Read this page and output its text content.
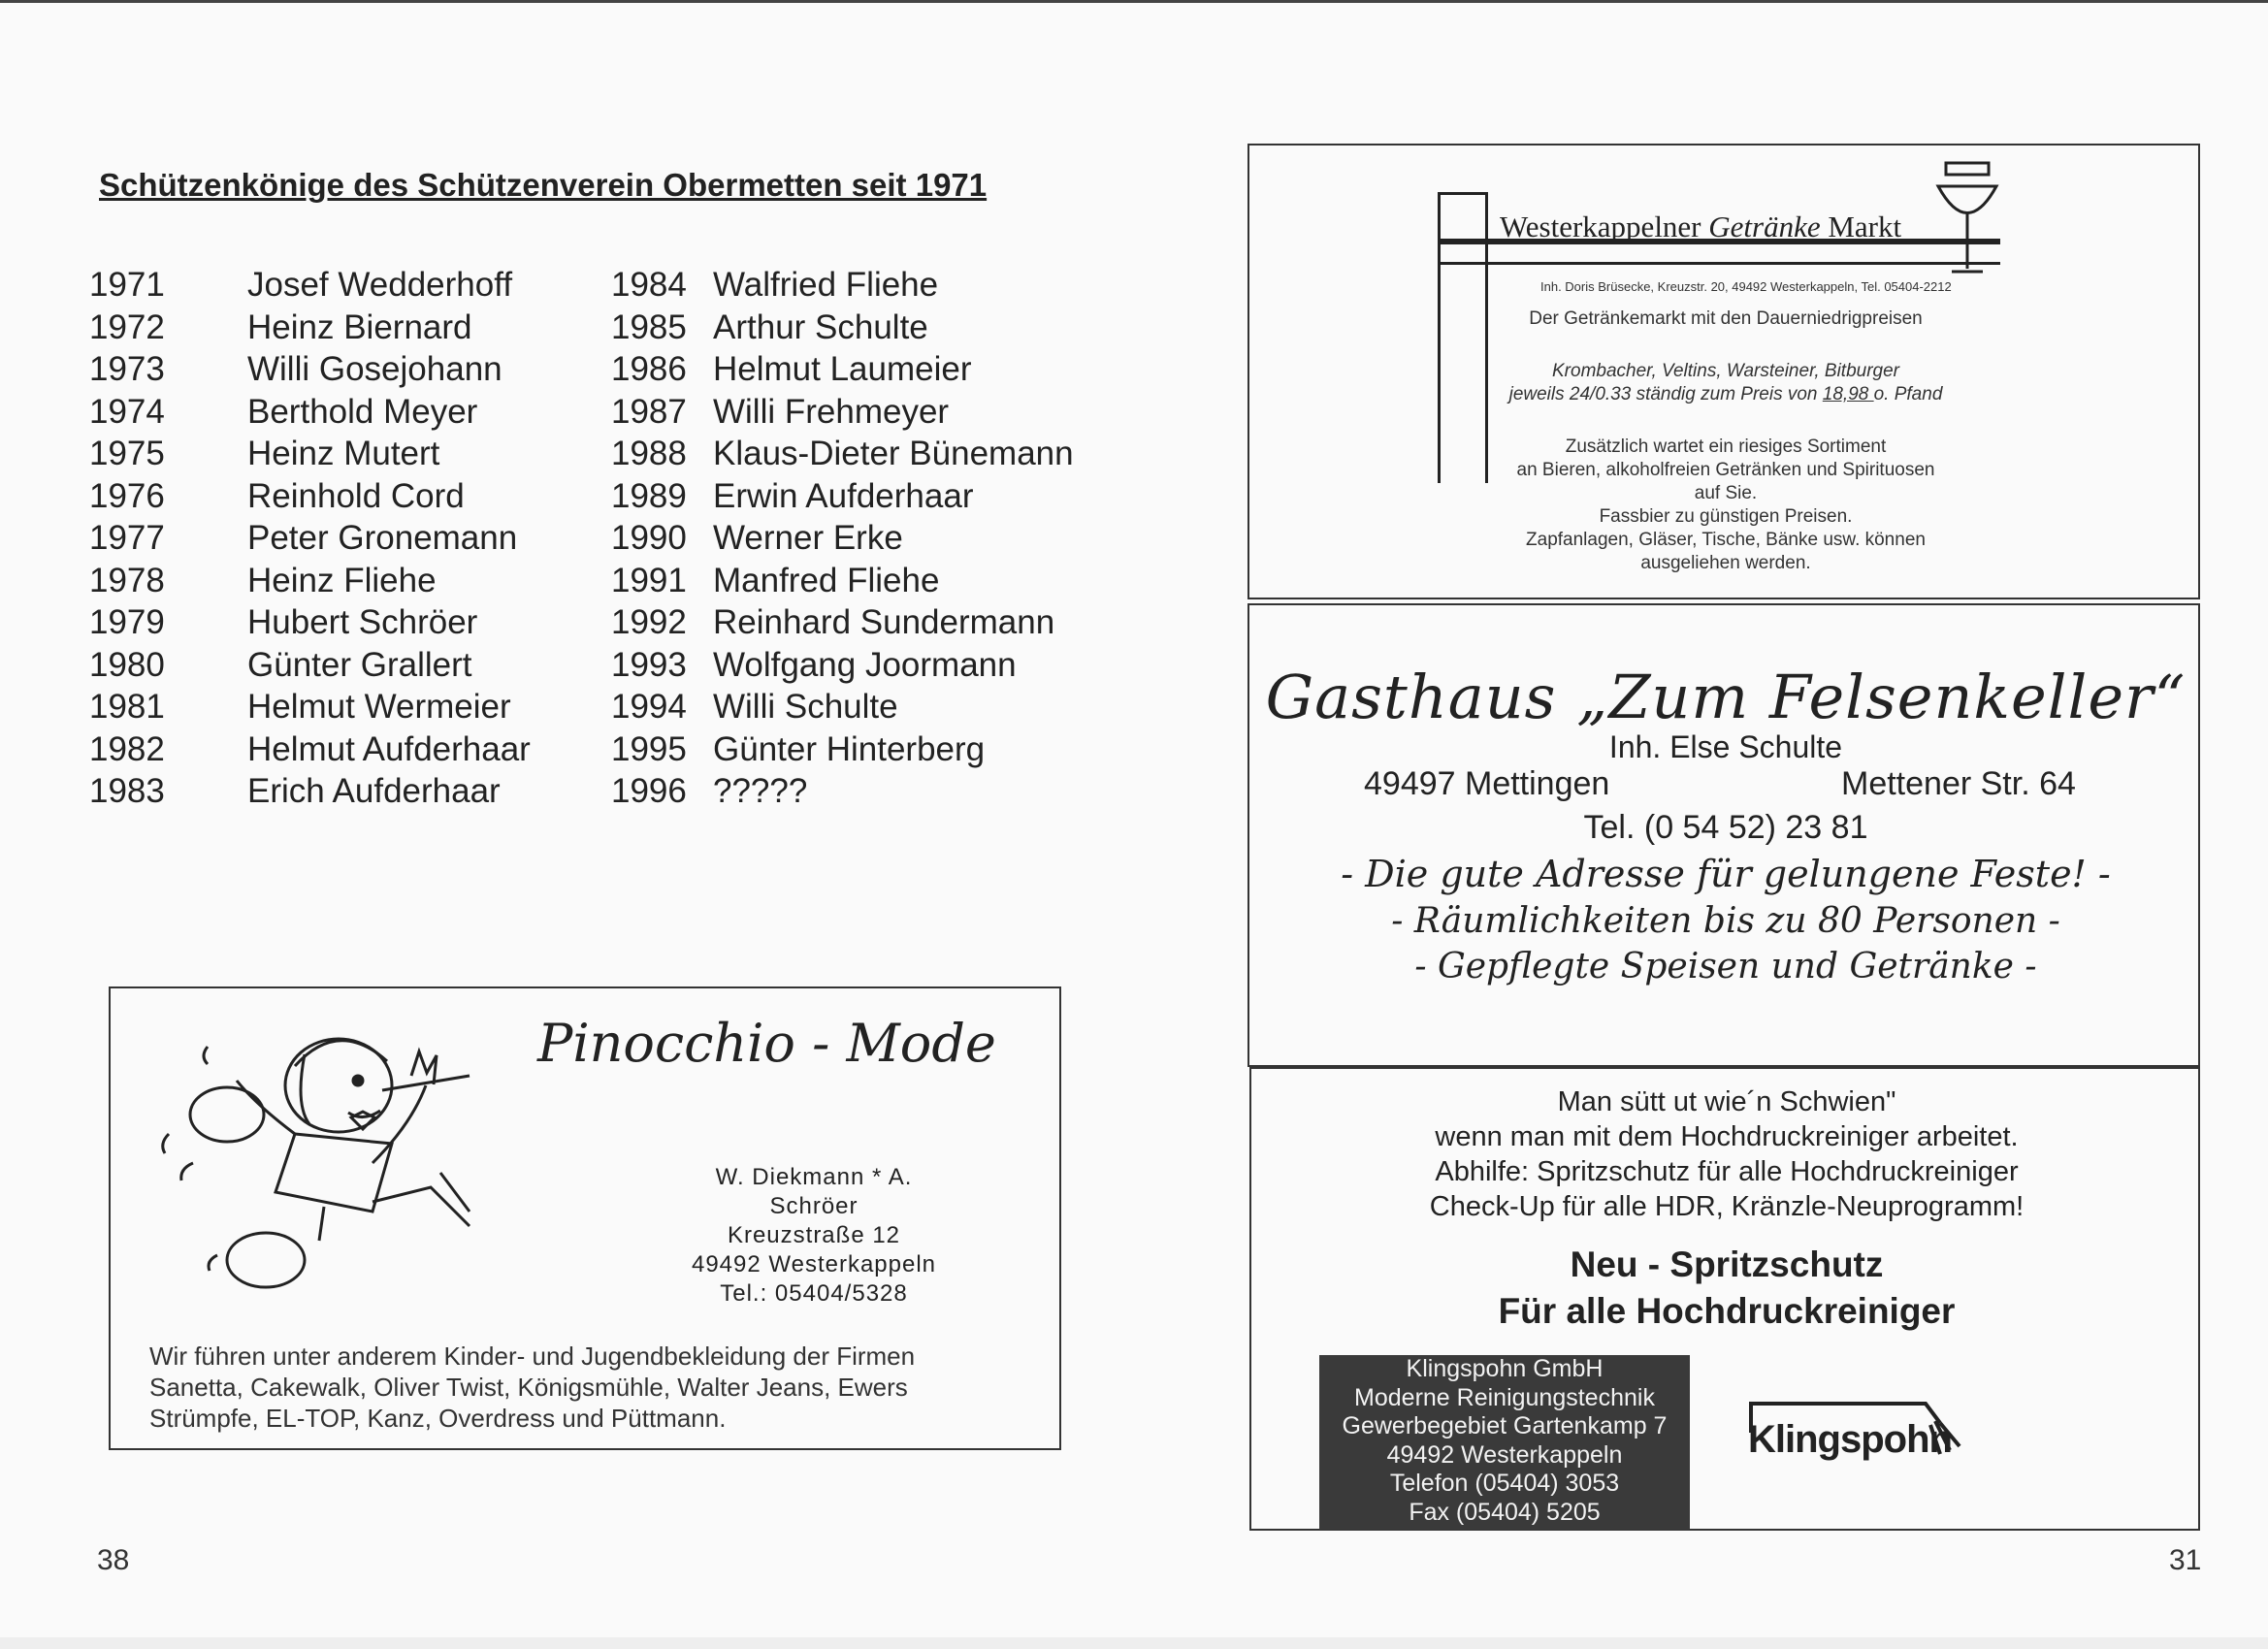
Schützenkönige des Schützenverein Obermetten seit 1971
1971
1972
1973
1974
1975
1976
1977
1978
1979
1980
1981
1982
1983
Josef Wedderhoff
Heinz Biernard
Willi Gosejohann
Berthold Meyer
Heinz Mutert
Reinhold Cord
Peter Gronemann
Heinz Fliehe
Hubert Schröer
Günter Grallert
Helmut Wermeier
Helmut Aufderhaar
Erich Aufderhaar
1984
1985
1986
1987
1988
1989
1990
1991
1992
1993
1994
1995
1996
Walfried Fliehe
Arthur Schulte
Helmut Laumeier
Willi Frehmeyer
Klaus-Dieter Bünemann
Erwin Aufderhaar
Werner Erke
Manfred Fliehe
Reinhard Sundermann
Wolfgang Joormann
Willi Schulte
Günter Hinterberg
?????
Pinocchio - Mode
W. Diekmann * A. Schröer
Kreuzstraße 12
49492 Westerkappeln
Tel.: 05404/5328
Wir führen unter anderem Kinder- und Jugendbekleidung der Firmen
Sanetta, Cakewalk, Oliver Twist, Königsmühle, Walter Jeans, Ewers
Strümpfe, EL-TOP, Kanz, Overdress und Püttmann.
38
Westerkappelner Getränke Markt
Inh. Doris Brüsecke, Kreuzstr. 20, 49492 Westerkappeln, Tel. 05404-2212
Der Getränkemarkt mit den Dauerniedrigpreisen
Krombacher, Veltins, Warsteiner, Bitburger
jeweils 24/0.33 ständig zum Preis von 18,98 o. Pfand
Zusätzlich wartet ein riesiges Sortiment
an Bieren, alkoholfreien Getränken und Spirituosen
auf Sie.
Fassbier zu günstigen Preisen.
Zapfanlagen, Gläser, Tische, Bänke usw. können
ausgeliehen werden.
Gasthaus „Zum Felsenkeller“
Inh. Else Schulte
49497 Mettingen	Mettener Str. 64
Tel. (0 54 52) 23 81
- Die gute Adresse für gelungene Feste! -
- Räumlichkeiten bis zu 80 Personen -
- Gepflegte Speisen und Getränke -
Man sütt ut wie´n Schwien"
wenn man mit dem Hochdruckreiniger arbeitet.
Abhilfe: Spritzschutz für alle Hochdruckreiniger
Check-Up für alle HDR, Kränzle-Neuprogramm!
Neu - Spritzschutz
Für alle Hochdruckreiniger
Klingspohn GmbH
Moderne Reinigungstechnik
Gewerbegebiet Gartenkamp 7
49492 Westerkappeln
Telefon (05404) 3053
Fax (05404) 5205
Klingspohn
31
